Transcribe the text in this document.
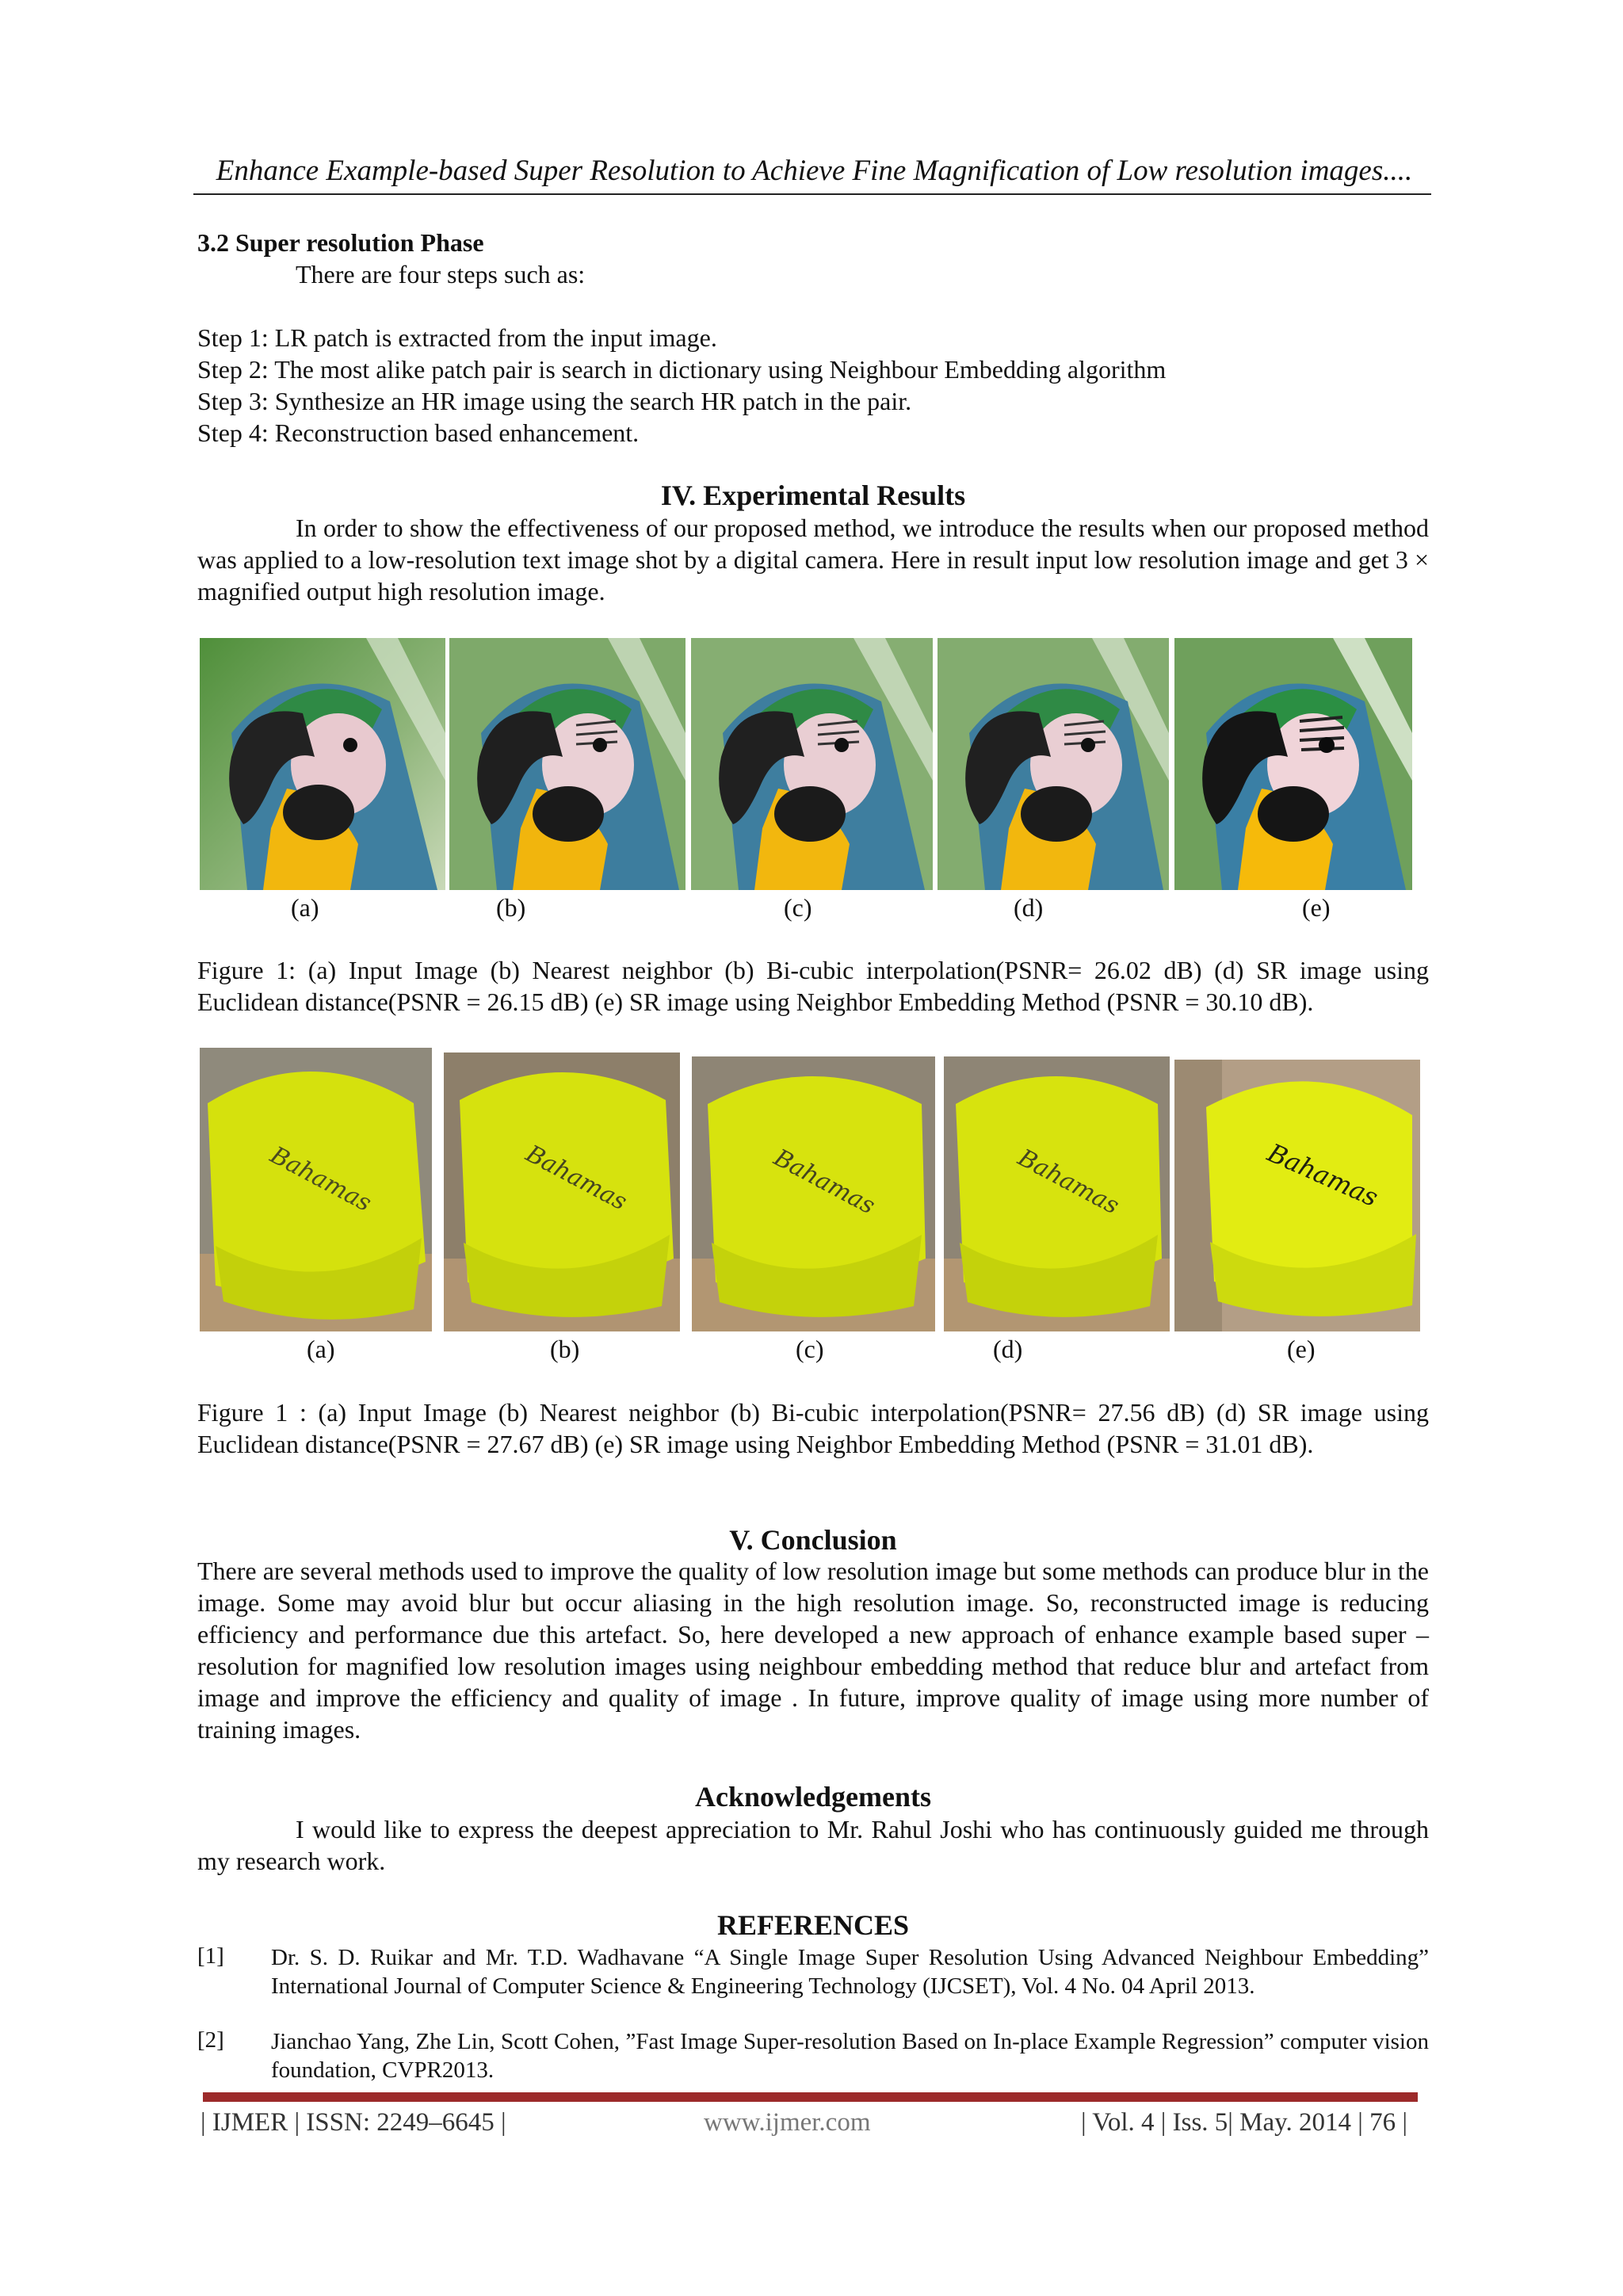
Enhance Example-based Super Resolution to Achieve Fine Magnification of Low resolution images....
3.2 Super resolution Phase
There are four steps such as:
Step 1: LR patch is extracted from the input image.
Step 2: The most alike patch pair is search in dictionary using Neighbour Embedding algorithm
Step 3: Synthesize an HR image using the search HR patch in the pair.
Step 4: Reconstruction based enhancement.
IV. Experimental Results
In order to show the effectiveness of our proposed method, we introduce the results when our proposed method was applied to a low-resolution text image shot by a digital camera. Here in result input low resolution image and get 3 × magnified output high resolution image.
(a)	(b)	(c)	(d)	(e)
Figure 1: (a) Input Image (b) Nearest neighbor (b) Bi-cubic interpolation(PSNR= 26.02 dB) (d) SR image using Euclidean distance(PSNR = 26.15 dB) (e) SR image using Neighbor Embedding Method (PSNR = 30.10 dB).
Bahamas	Bahamas	Bahamas	Bahamas	Bahamas
(a)	(b)	(c)	(d)	(e)
Figure 1 : (a) Input Image (b) Nearest neighbor (b) Bi-cubic interpolation(PSNR= 27.56 dB) (d) SR image using Euclidean distance(PSNR = 27.67 dB) (e) SR image using Neighbor Embedding Method (PSNR = 31.01 dB).
V. Conclusion
There are several methods used to improve the quality of low resolution image but some methods can produce blur in the image. Some may avoid blur but occur aliasing in the high resolution image. So, reconstructed image is reducing efficiency and performance due this artefact. So, here developed a new approach of enhance example based super –resolution for magnified low resolution images using neighbour embedding method that reduce blur and artefact from image and improve the efficiency and quality of image . In future, improve quality of image using more number of training images.
Acknowledgements
I would like to express the deepest appreciation to Mr. Rahul Joshi who has continuously guided me through my research work.
REFERENCES
[1] Dr. S. D. Ruikar and Mr. T.D. Wadhavane “A Single Image Super Resolution Using Advanced Neighbour Embedding” International Journal of Computer Science & Engineering Technology (IJCSET), Vol. 4 No. 04 April 2013.
[2] Jianchao Yang, Zhe Lin, Scott Cohen, ”Fast Image Super-resolution Based on In-place Example Regression” computer vision foundation, CVPR2013.
| IJMER | ISSN: 2249–6645 |	www.ijmer.com	| Vol. 4 | Iss. 5| May. 2014 | 76 |
